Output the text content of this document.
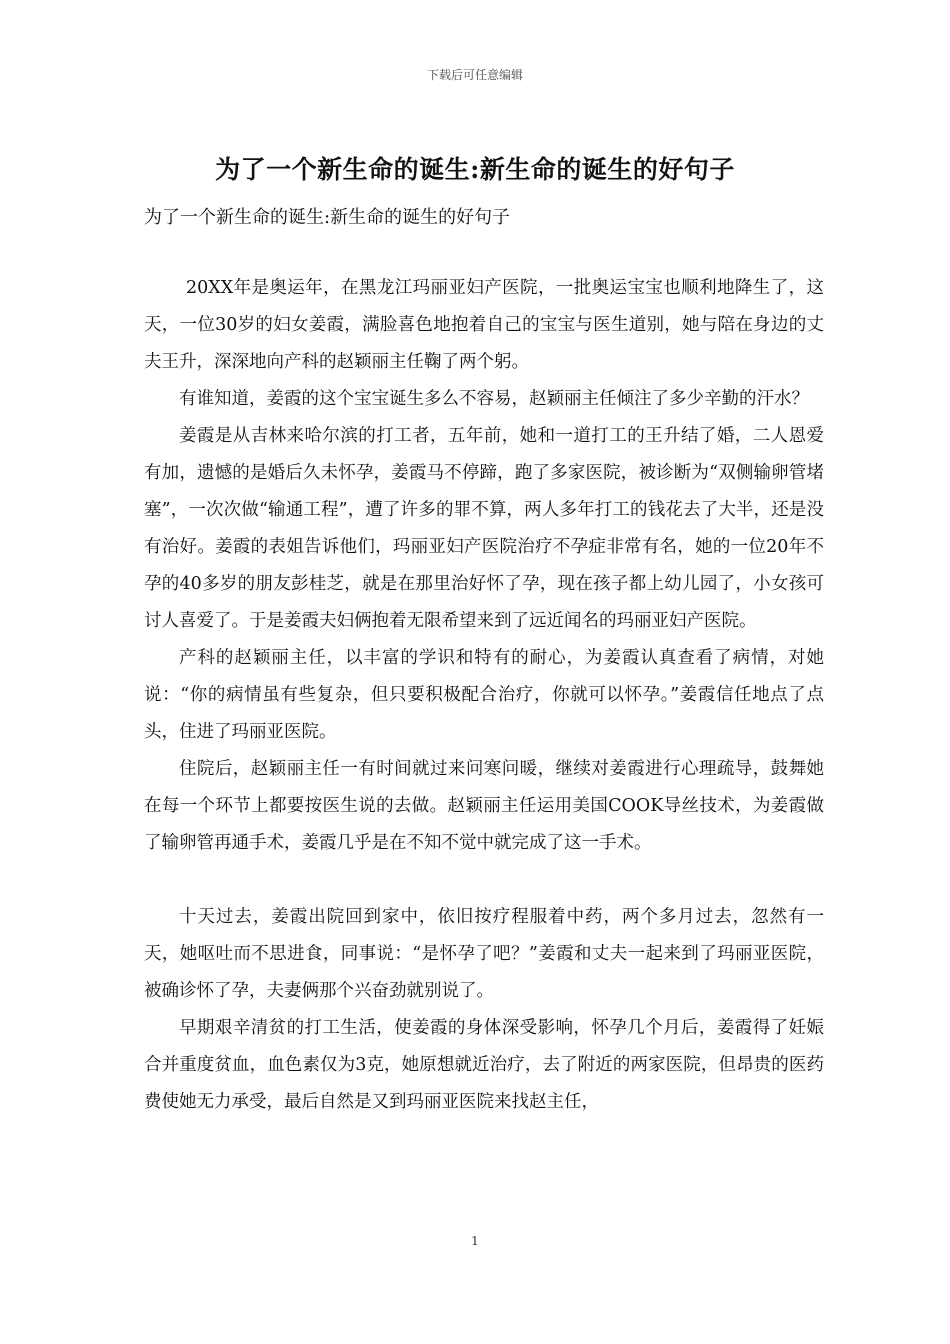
下载后可任意编辑
为了一个新生命的诞生:新生命的诞生的好句子
为了一个新生命的诞生:新生命的诞生的好句子

20XX年是奥运年，在黑龙江玛丽亚妇产医院，一批奥运宝宝也顺利地降生了，这天，一位30岁的妇女姜霞，满脸喜色地抱着自己的宝宝与医生道别，她与陪在身边的丈夫王升，深深地向产科的赵颖丽主任鞠了两个躬。

有谁知道，姜霞的这个宝宝诞生多么不容易，赵颖丽主任倾注了多少辛勤的汗水？

姜霞是从吉林来哈尔滨的打工者，五年前，她和一道打工的王升结了婚，二人恩爱有加，遗憾的是婚后久未怀孕，姜霞马不停蹄，跑了多家医院，被诊断为“双侧输卵管堵塞”，一次次做“输通工程”，遭了许多的罪不算，两人多年打工的钱花去了大半，还是没有治好。姜霞的表姐告诉他们，玛丽亚妇产医院治疗不孕症非常有名，她的一位20年不孕的40多岁的朋友彭桂芝，就是在那里治好怀了孕，现在孩子都上幼儿园了，小女孩可讨人喜爱了。于是姜霞夫妇俩抱着无限希望来到了远近闻名的玛丽亚妇产医院。

产科的赵颖丽主任，以丰富的学识和特有的耐心，为姜霞认真查看了病情，对她说：“你的病情虽有些复杂，但只要积极配合治疗，你就可以怀孕。”姜霞信任地点了点头，住进了玛丽亚医院。

住院后，赵颖丽主任一有时间就过来问寒问暖，继续对姜霞进行心理疏导，鼓舞她在每一个环节上都要按医生说的去做。赵颖丽主任运用美国COOK导丝技术，为姜霞做了输卵管再通手术，姜霞几乎是在不知不觉中就完成了这一手术。

十天过去，姜霞出院回到家中，依旧按疗程服着中药，两个多月过去，忽然有一天，她呕吐而不思进食，同事说：“是怀孕了吧？”姜霞和丈夫一起来到了玛丽亚医院，被确诊怀了孕，夫妻俩那个兴奋劲就别说了。

早期艰辛清贫的打工生活，使姜霞的身体深受影响，怀孕几个月后，姜霞得了妊娠合并重度贫血，血色素仅为3克，她原想就近治疗，去了附近的两家医院，但昂贵的医药费使她无力承受，最后自然是又到玛丽亚医院来找赵主任，

1
